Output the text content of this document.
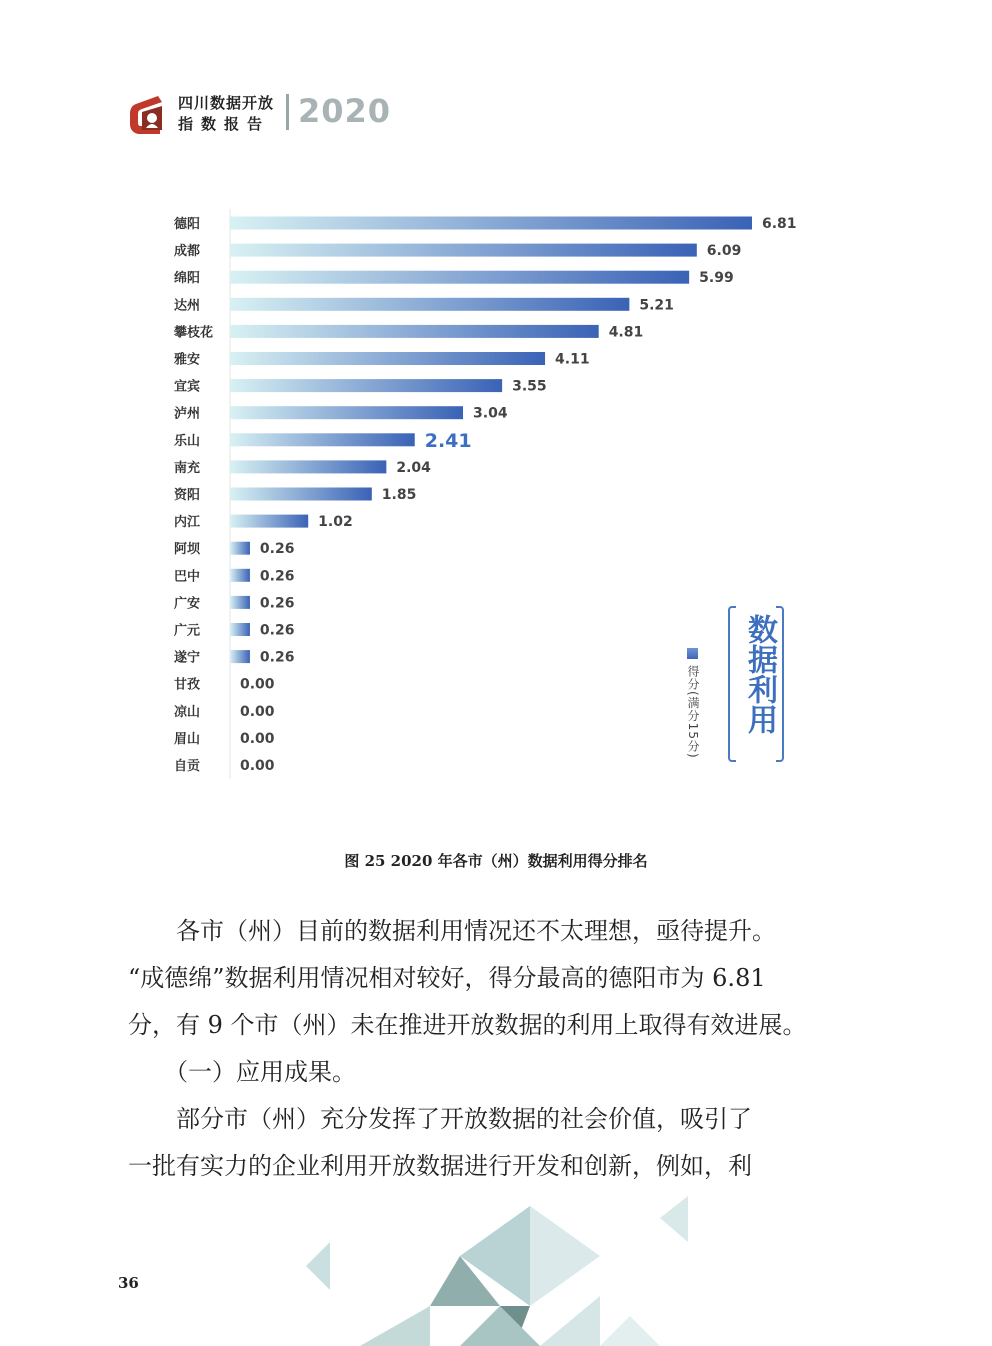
四川数据开放
指数报告 2020
德阳	6.81
成都	6.09
绵阳	5.99
达州	5.21
攀枝花	4.81
雅安	4.11
宜宾	3.55
泸州	3.04
乐山	2.41
南充	2.04
资阳	1.85
内江	1.02
阿坝	0.26
巴中	0.26
广安	0.26
广元	0.26
遂宁	0.26
甘孜	0.00
凉山	0.00
眉山	0.00
自贡	0.00
得分(满分15分) 数据利用
图 25 2020 年各市（州）数据利用得分排名
　　各市（州）目前的数据利用情况还不太理想，亟待提升。
“成德绵”数据利用情况相对较好，得分最高的德阳市为 6.81
分，有 9 个市（州）未在推进开放数据的利用上取得有效进展。
　　（一）应用成果。
　　部分市（州）充分发挥了开放数据的社会价值，吸引了
一批有实力的企业利用开放数据进行开发和创新，例如，利
36
